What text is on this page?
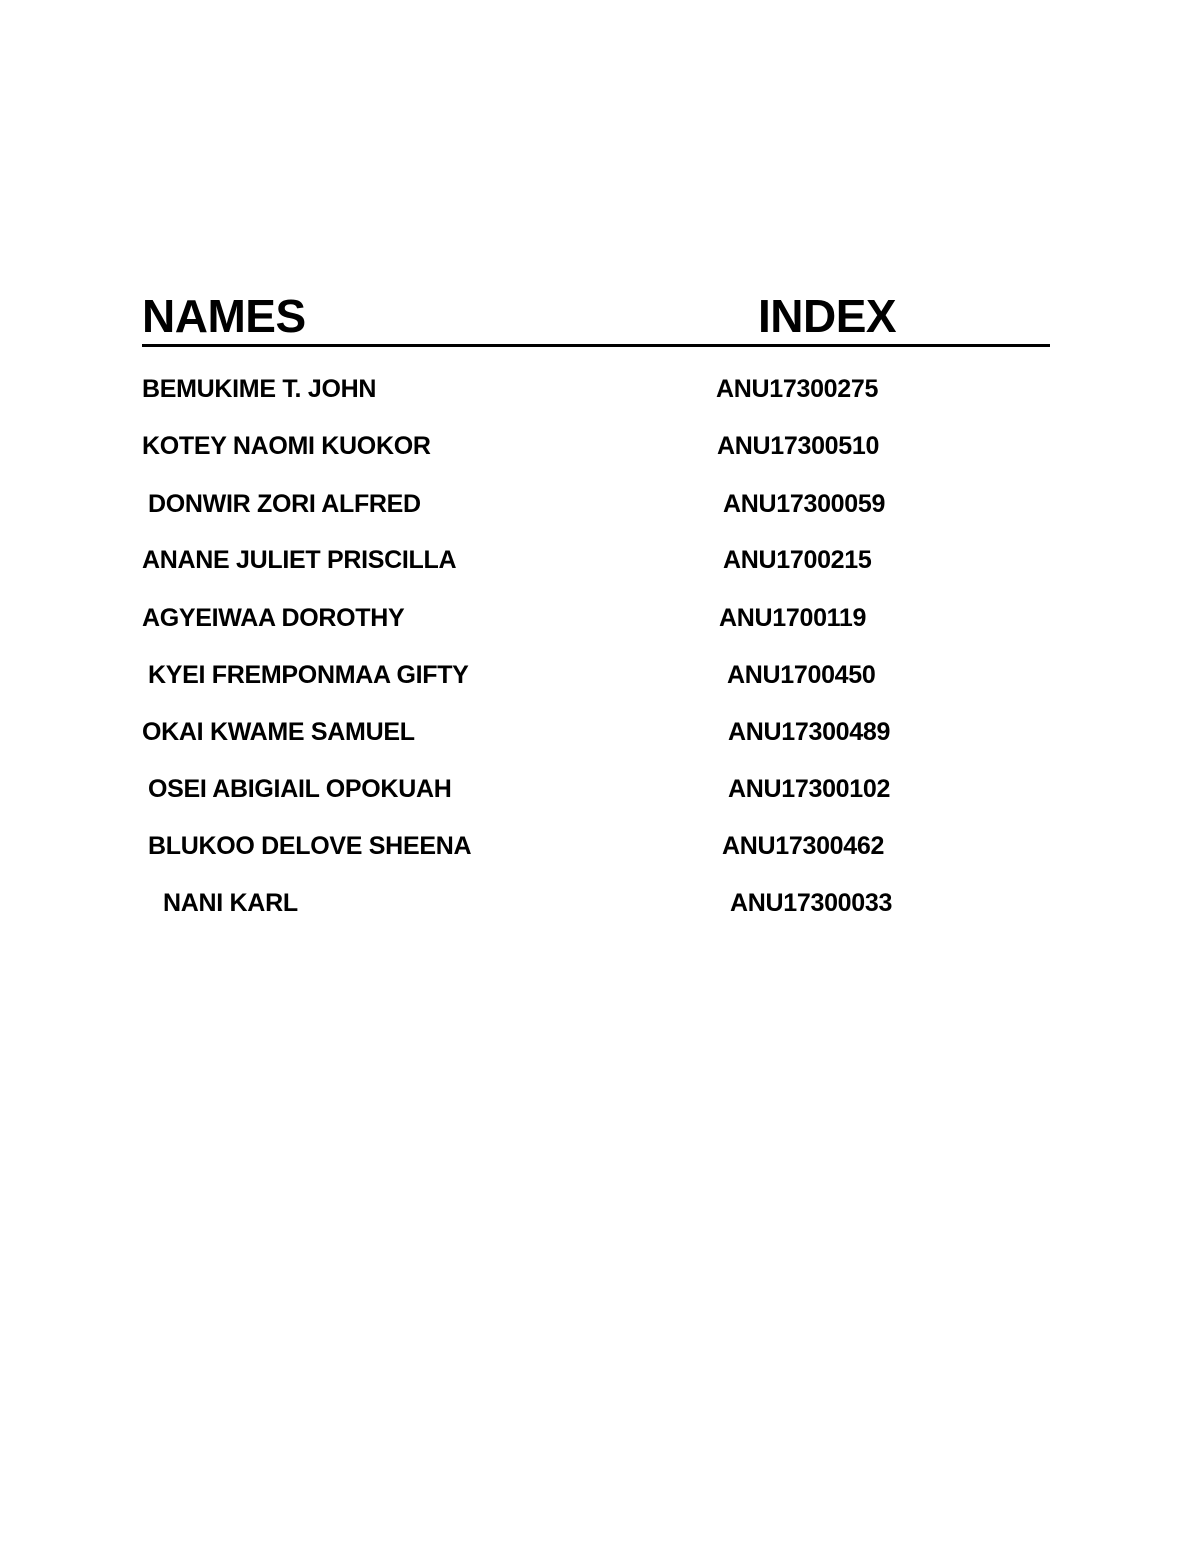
NAMES	INDEX
BEMUKIME T. JOHN	ANU17300275
KOTEY NAOMI KUOKOR	ANU17300510
DONWIR ZORI ALFRED	ANU17300059
ANANE JULIET PRISCILLA	ANU1700215
AGYEIWAA DOROTHY	ANU1700119
KYEI FREMPONMAA GIFTY	ANU1700450
OKAI KWAME SAMUEL	ANU17300489
OSEI ABIGIAIL OPOKUAH	ANU17300102
BLUKOO DELOVE SHEENA	ANU17300462
NANI KARL	ANU17300033
